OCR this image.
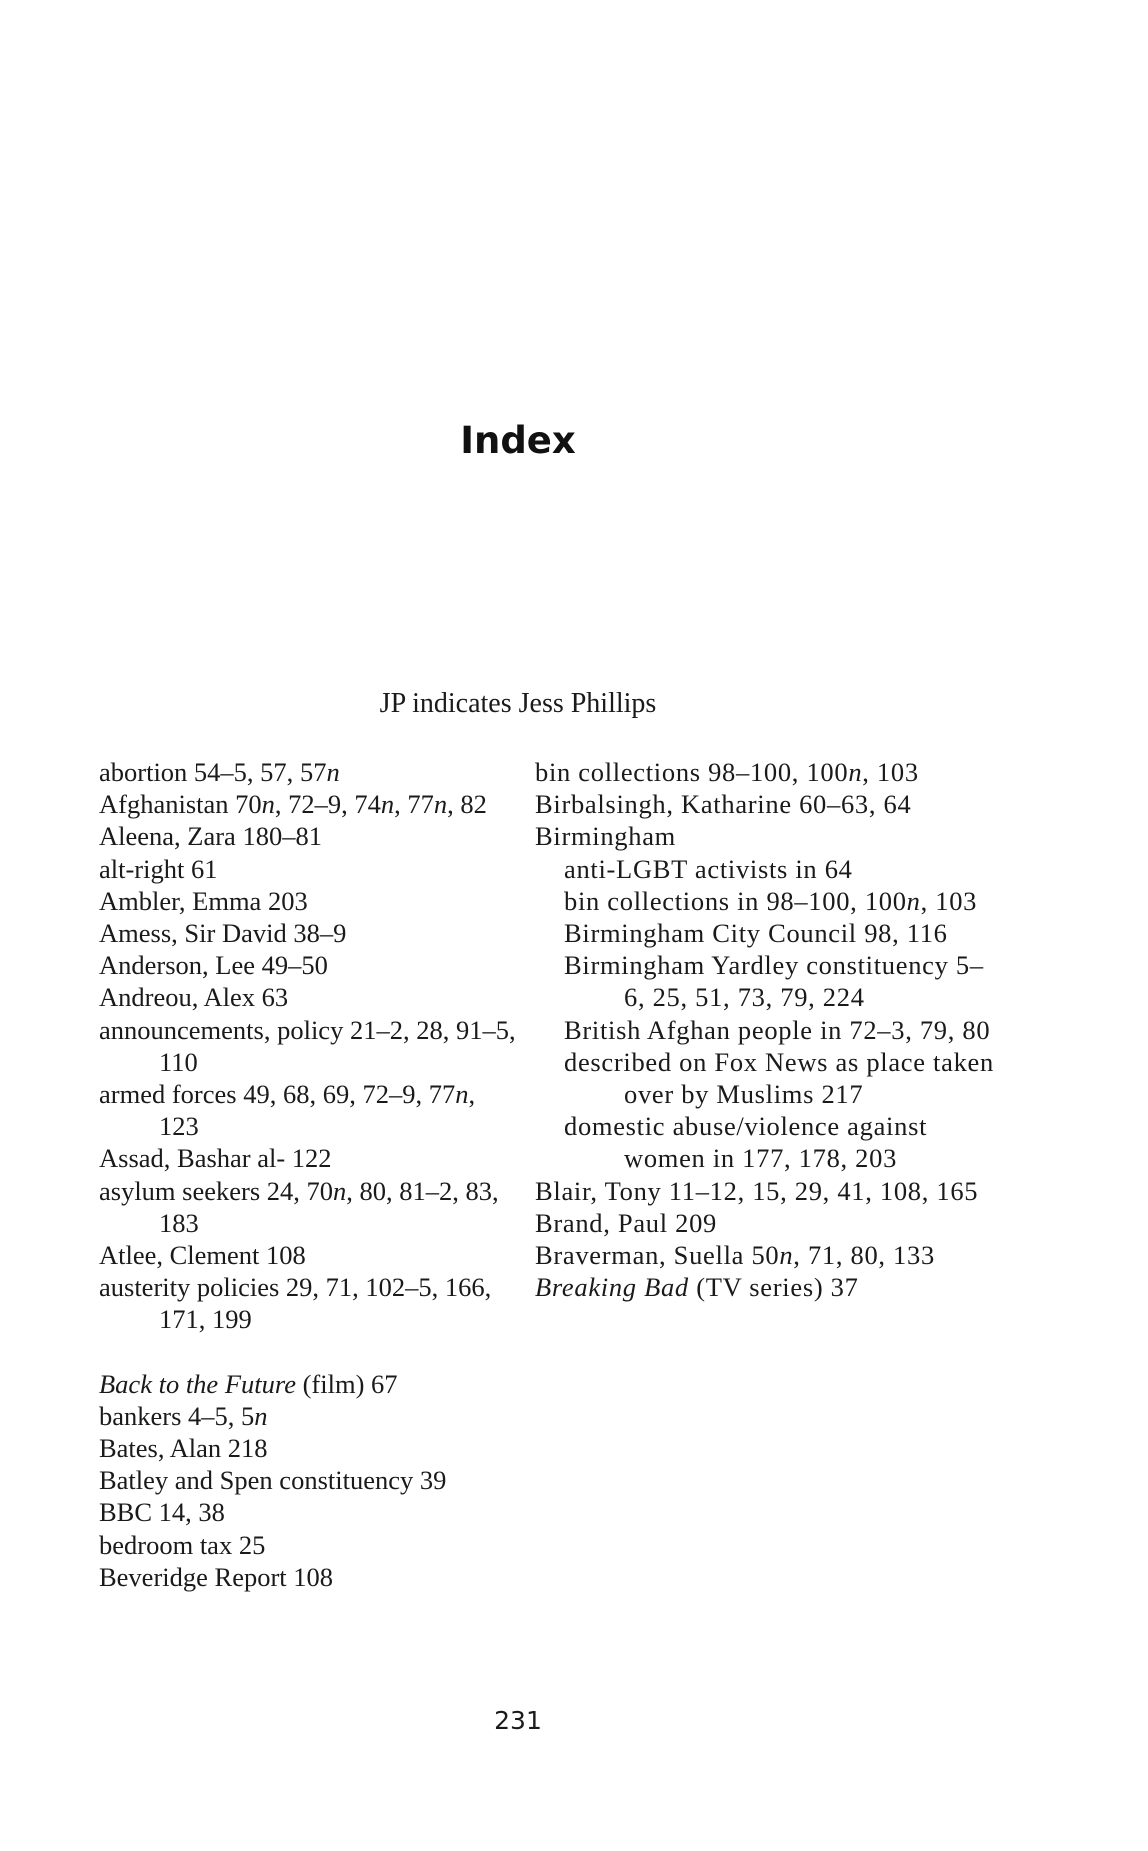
Index
JP indicates Jess Phillips
abortion 54–5, 57, 57n
Afghanistan 70n, 72–9, 74n, 77n, 82
Aleena, Zara 180–81
alt-right 61
Ambler, Emma 203
Amess, Sir David 38–9
Anderson, Lee 49–50
Andreou, Alex 63
announcements, policy 21–2, 28, 91–5, 110
armed forces 49, 68, 69, 72–9, 77n, 123
Assad, Bashar al- 122
asylum seekers 24, 70n, 80, 81–2, 83, 183
Atlee, Clement 108
austerity policies 29, 71, 102–5, 166, 171, 199
Back to the Future (film) 67
bankers 4–5, 5n
Bates, Alan 218
Batley and Spen constituency 39
BBC 14, 38
bedroom tax 25
Beveridge Report 108
bin collections 98–100, 100n, 103
Birbalsingh, Katharine 60–63, 64
Birmingham
anti-LGBT activists in 64
bin collections in 98–100, 100n, 103
Birmingham City Council 98, 116
Birmingham Yardley constituency 5–6, 25, 51, 73, 79, 224
British Afghan people in 72–3, 79, 80
described on Fox News as place taken over by Muslims 217
domestic abuse/violence against women in 177, 178, 203
Blair, Tony 11–12, 15, 29, 41, 108, 165
Brand, Paul 209
Braverman, Suella 50n, 71, 80, 133
Breaking Bad (TV series) 37
231
